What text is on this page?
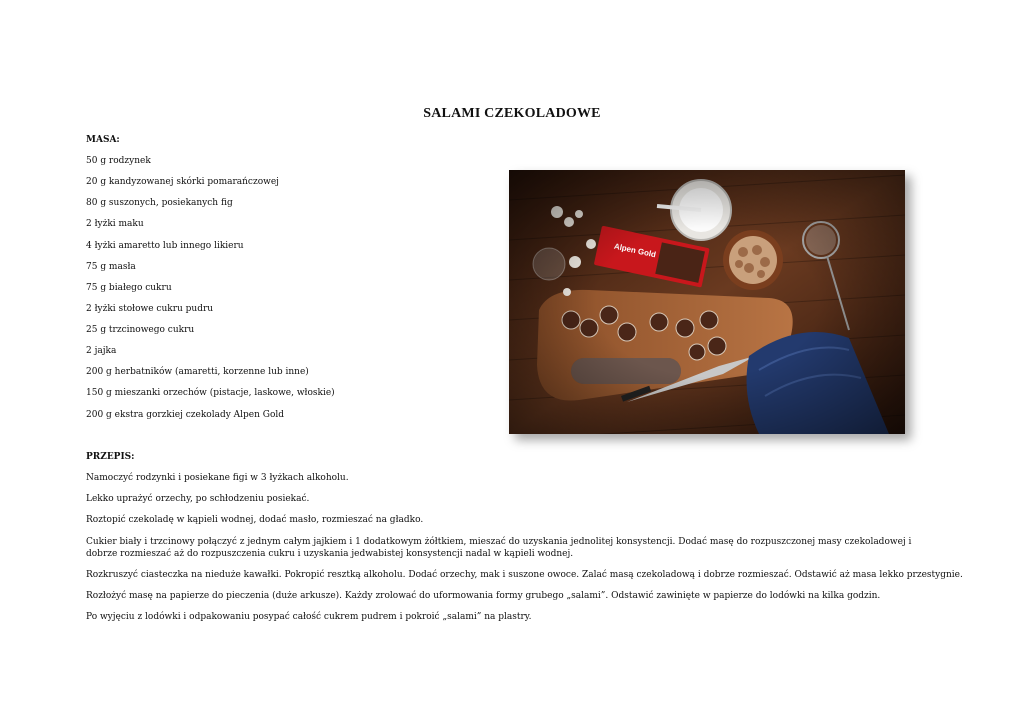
SALAMI CZEKOLADOWE
MASA:
50 g rodzynek
20 g kandyzowanej skórki pomarańczowej
80 g suszonych, posiekanych fig
2 łyżki maku
4 łyżki amaretto lub innego likieru
75 g masła
75 g białego cukru
2 łyżki stołowe cukru pudru
25 g trzcinowego cukru
2 jajka
200 g herbatników (amaretti, korzenne lub inne)
150 g mieszanki orzechów (pistacje, laskowe, włoskie)
200 g ekstra gorzkiej czekolady Alpen Gold
PRZEPIS:
Namoczyć rodzynki i posiekane figi w 3 łyżkach alkoholu.
Lekko uprażyć orzechy, po schłodzeniu posiekać.
Roztopić czekoladę w kąpieli wodnej, dodać masło, rozmieszać na gładko.
Cukier biały i trzcinowy połączyć z jednym całym jajkiem i 1 dodatkowym żółtkiem, mieszać do uzyskania jednolitej konsystencji. Dodać masę do rozpuszczonej masy czekoladowej i dobrze rozmieszać aż do rozpuszczenia cukru i uzyskania jedwabistej konsystencji nadal w kąpieli wodnej.
Rozkruszyć ciasteczka na nieduże kawałki. Pokropić resztką alkoholu. Dodać orzechy, mak i suszone owoce. Zalać masą czekoladową i dobrze rozmieszać. Odstawić aż masa lekko przestygnie.
Rozłożyć masę na papierze do pieczenia (duże arkusze). Każdy zrolować do uformowania formy grubego „salami”. Odstawić zawinięte w papierze do lodówki na kilka godzin.
Po wyjęciu z lodówki i odpakowaniu posypać całość cukrem pudrem i pokroić „salami” na plastry.
